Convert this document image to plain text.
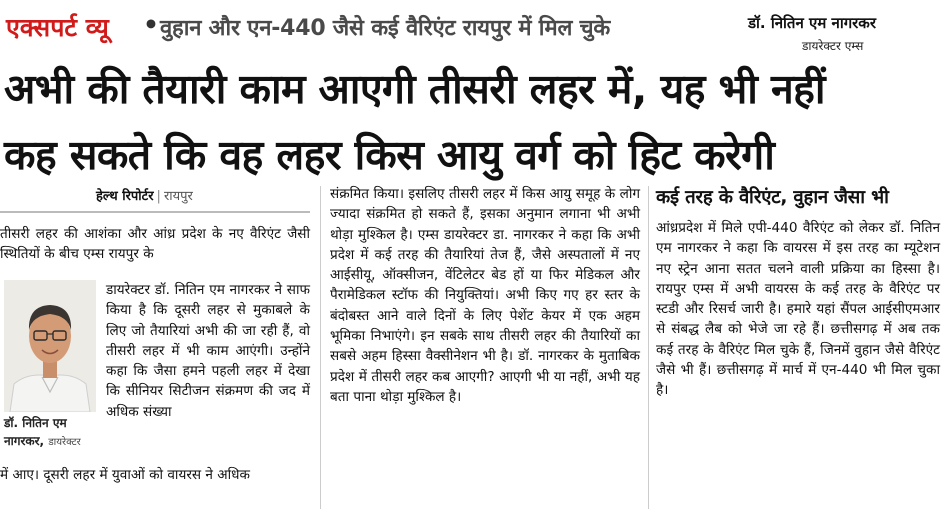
एक्सपर्ट व्यू • वुहान और एन-440 जैसे कई वैरिएंट रायपुर में मिल चुके	डॉ. नितिन एम नागरकर
डायरेक्टर एम्स
अभी की तैयारी काम आएगी तीसरी लहर में, यह भी नहीं
कह सकते कि वह लहर किस आयु वर्ग को हिट करेगी
हेल्थ रिपोर्टर | रायपुर

तीसरी लहर की आशंका और आंध्र प्रदेश के नए वैरिएंट जैसी स्थितियों के बीच एम्स रायपुर के

डॉ. नितिन एम नागरकर, डायरेक्टर

डायरेक्टर डॉ. नितिन एम नागरकर ने साफ किया है कि दूसरी लहर से मुकाबले के लिए जो तैयारियां अभी की जा रही हैं, वो तीसरी लहर में भी काम आएंगी। उन्होंने कहा कि जैसा हमने पहली लहर में देखा कि सीनियर सिटीजन संक्रमण की जद में अधिक संख्या

में आए। दूसरी लहर में युवाओं को वायरस ने अधिक

संक्रमित किया। इसलिए तीसरी लहर में किस आयु समूह के लोग ज्यादा संक्रमित हो सकते हैं, इसका अनुमान लगाना भी अभी थोड़ा मुश्किल है। एम्स डायरेक्टर डा. नागरकर ने कहा कि अभी प्रदेश में कई तरह की तैयारियां तेज हैं, जैसे अस्पतालों में नए आईसीयू, ऑक्सीजन, वेंटिलेटर बेड हों या फिर मेडिकल और पैरामेडिकल स्टॉफ की नियुक्तियां। अभी किए गए हर स्तर के बंदोबस्त आने वाले दिनों के लिए पेशेंट केयर में एक अहम भूमिका निभाएंगे। इन सबके साथ तीसरी लहर की तैयारियों का सबसे अहम हिस्सा वैक्सीनेशन भी है। डॉ. नागरकर के मुताबिक प्रदेश में तीसरी लहर कब आएगी? आएगी भी या नहीं, अभी यह बता पाना थोड़ा मुश्किल है।

कई तरह के वैरिएंट, वुहान जैसा भी

आंध्रप्रदेश में मिले एपी-440 वैरिएंट को लेकर डॉ. नितिन एम नागरकर ने कहा कि वायरस में इस तरह का म्यूटेशन नए स्ट्रेन आना सतत चलने वाली प्रक्रिया का हिस्सा है। रायपुर एम्स में अभी वायरस के कई तरह के वैरिएंट पर स्टडी और रिसर्च जारी है। हमारे यहां सैंपल आईसीएमआर से संबद्ध लैब को भेजे जा रहे हैं। छत्तीसगढ़ में अब तक कई तरह के वैरिएंट मिल चुके हैं, जिनमें वुहान जैसे वैरिएंट जैसे भी हैं। छत्तीसगढ़ में मार्च में एन-440 भी मिल चुका है।
